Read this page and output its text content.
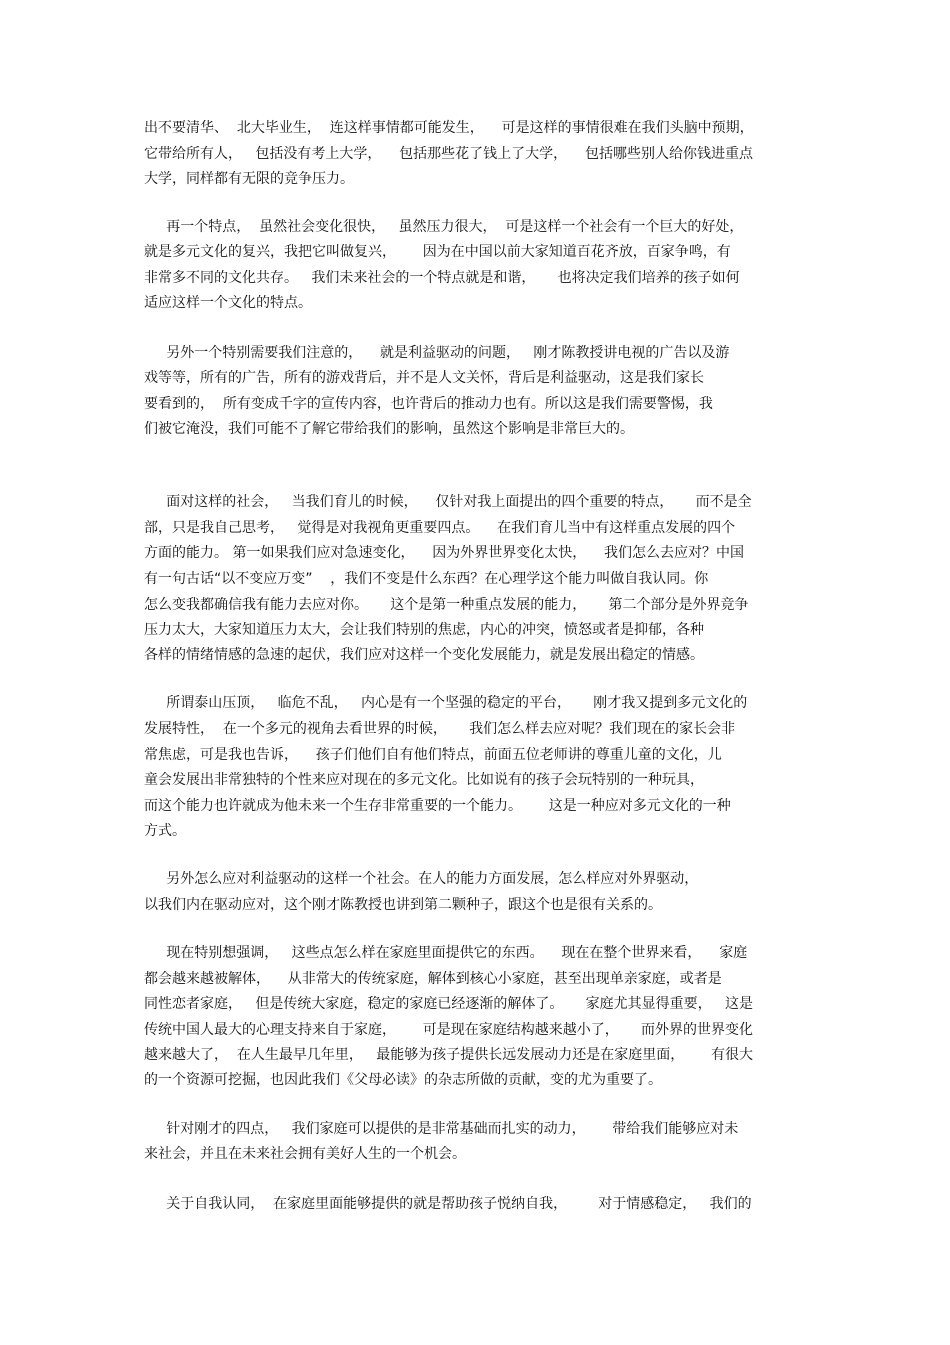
出不要清华、  北大毕业生，  连这样事情都可能发生，    可是这样的事情很难在我们头脑中预期，
它带给所有人，   包括没有考上大学，    包括那些花了钱上了大学，    包括哪些别人给你钱进重点
大学，同样都有无限的竞争压力。
再一个特点，  虽然社会变化很快，   虽然压力很大，  可是这样一个社会有一个巨大的好处，
就是多元文化的复兴，我把它叫做复兴，      因为在中国以前大家知道百花齐放，百家争鸣，有
非常多不同的文化共存。   我们未来社会的一个特点就是和谐，     也将决定我们培养的孩子如何
适应这样一个文化的特点。
另外一个特别需要我们注意的，    就是利益驱动的问题，   刚才陈教授讲电视的广告以及游
戏等等，所有的广告，所有的游戏背后，并不是人文关怀，背后是利益驱动，这是我们家长
要看到的，  所有变成千字的宣传内容，也许背后的推动力也有。所以这是我们需要警惕，我
们被它淹没，我们可能不了解它带给我们的影响，虽然这个影响是非常巨大的。
面对这样的社会，   当我们育儿的时候，    仅针对我上面提出的四个重要的特点，     而不是全
部，只是我自己思考，   觉得是对我视角更重要四点。    在我们育儿当中有这样重点发展的四个
方面的能力。 第一如果我们应对急速变化，    因为外界世界变化太快，    我们怎么去应对？中国
有一句古话“以不变应万变”    ，我们不变是什么东西？在心理学这个能力叫做自我认同。你
怎么变我都确信我有能力去应对你。     这个是第一种重点发展的能力，     第二个部分是外界竞争
压力太大，大家知道压力太大，会让我们特别的焦虑，内心的冲突，愤怒或者是抑郁，各种
各样的情绪情感的急速的起伏，我们应对这样一个变化发展能力，就是发展出稳定的情感。
所谓泰山压顶，   临危不乱，   内心是有一个坚强的稳定的平台，     刚才我又提到多元文化的
发展特性，  在一个多元的视角去看世界的时候，     我们怎么样去应对呢？我们现在的家长会非
常焦虑，可是我也告诉，    孩子们他们自有他们特点，前面五位老师讲的尊重儿童的文化，儿
童会发展出非常独特的个性来应对现在的多元文化。比如说有的孩子会玩特别的一种玩具，
而这个能力也许就成为他未来一个生存非常重要的一个能力。      这是一种应对多元文化的一种
方式。
另外怎么应对利益驱动的这样一个社会。在人的能力方面发展，怎么样应对外界驱动，
以我们内在驱动应对，这个刚才陈教授也讲到第二颗种子，跟这个也是很有关系的。
现在特别想强调，   这些点怎么样在家庭里面提供它的东西。    现在在整个世界来看，    家庭
都会越来越被解体，    从非常大的传统家庭，解体到核心小家庭，甚至出现单亲家庭，或者是
同性恋者家庭，   但是传统大家庭，稳定的家庭已经逐渐的解体了。     家庭尤其显得重要，   这是
传统中国人最大的心理支持来自于家庭，      可是现在家庭结构越来越小了，     而外界的世界变化
越来越大了，  在人生最早几年里，   最能够为孩子提供长远发展动力还是在家庭里面，      有很大
的一个资源可挖掘，也因此我们《父母必读》的杂志所做的贡献，变的尤为重要了。
针对刚才的四点，   我们家庭可以提供的是非常基础而扎实的动力，      带给我们能够应对未
来社会，并且在未来社会拥有美好人生的一个机会。
关于自我认同，  在家庭里面能够提供的就是帮助孩子悦纳自我，       对于情感稳定，   我们的
